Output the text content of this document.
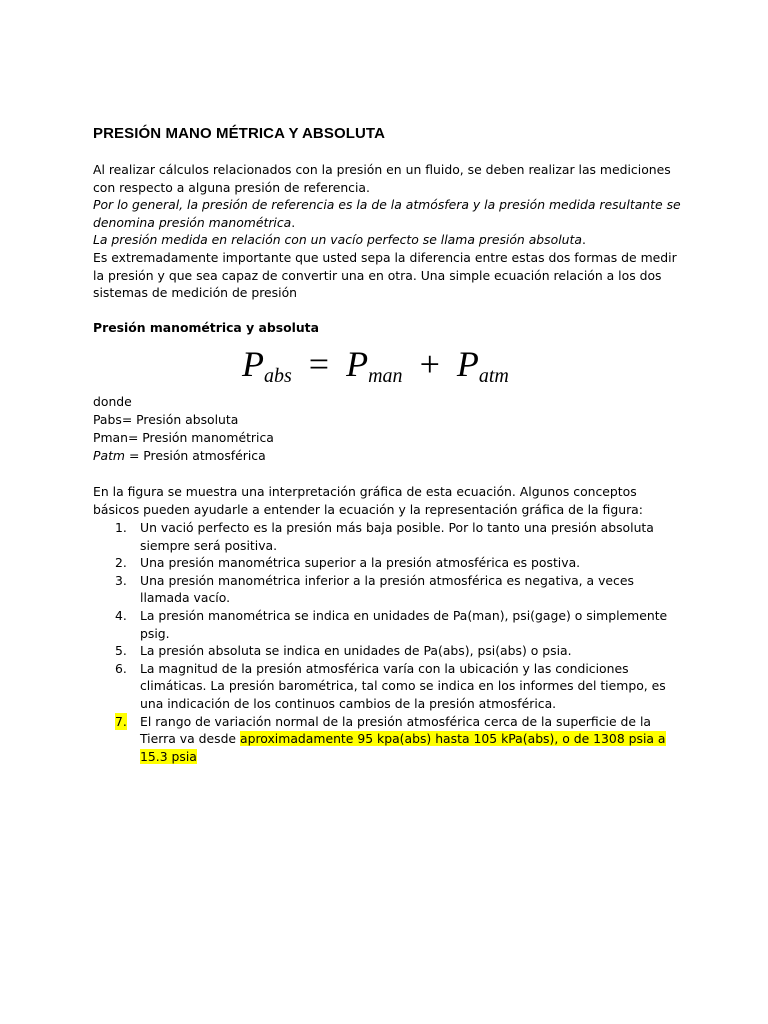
PRESIÓN MANO MÉTRICA Y ABSOLUTA
Al realizar cálculos relacionados con la presión en un fluido, se deben realizar las mediciones con respecto a alguna presión de referencia.
Por lo general, la presión de referencia es la de la atmósfera y la presión medida resultante se denomina presión manométrica.
La presión medida en relación con un vacío perfecto se llama presión absoluta.
Es extremadamente importante que usted sepa la diferencia entre estas dos formas de medir la presión y que sea capaz de convertir una en otra. Una simple ecuación relación a los dos sistemas de medición de presión
Presión manométrica y absoluta
Pabs = Pman + Patm
donde
Pabs= Presión absoluta
Pman= Presión manométrica
Patm = Presión atmosférica
En la figura se muestra una interpretación gráfica de esta ecuación. Algunos conceptos básicos pueden ayudarle a entender la ecuación y la representación gráfica de la figura:
1. Un vació perfecto es la presión más baja posible. Por lo tanto una presión absoluta siempre será positiva.
2. Una presión manométrica superior a la presión atmosférica es postiva.
3. Una presión manométrica inferior a la presión atmosférica es negativa, a veces llamada vacío.
4. La presión manométrica se indica en unidades de Pa(man), psi(gage) o simplemente psig.
5. La presión absoluta se indica en unidades de Pa(abs), psi(abs) o psia.
6. La magnitud de la presión atmosférica varía con la ubicación y las condiciones climáticas. La presión barométrica, tal como se indica en los informes del tiempo, es una indicación de los continuos cambios de la presión atmosférica.
7. El rango de variación normal de la presión atmosférica cerca de la superficie de la Tierra va desde aproximadamente 95 kpa(abs) hasta 105 kPa(abs), o de 1308 psia a 15.3 psia
